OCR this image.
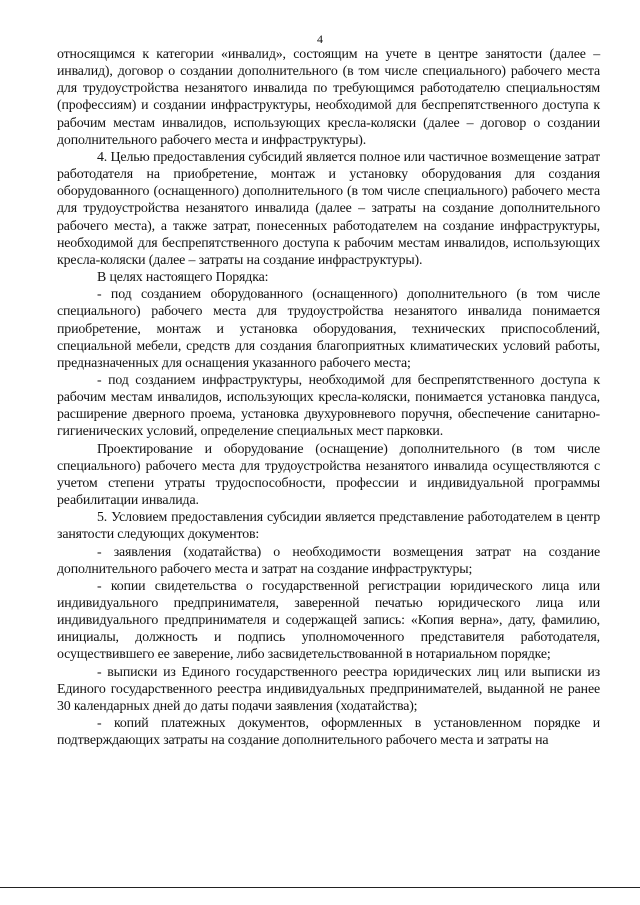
4

относящимся к категории «инвалид», состоящим на учете в центре занятости (далее – инвалид), договор о создании дополнительного (в том числе специального) рабочего места для трудоустройства незанятого инвалида по требующимся работодателю специальностям (профессиям) и создании инфраструктуры, необходимой для беспрепятственного доступа к рабочим местам инвалидов, использующих кресла-коляски (далее – договор о создании дополнительного рабочего места и инфраструктуры).

4. Целью предоставления субсидий является полное или частичное возмещение затрат работодателя на приобретение, монтаж и установку оборудования для создания оборудованного (оснащенного) дополнительного (в том числе специального) рабочего места для трудоустройства незанятого инвалида (далее – затраты на создание дополнительного рабочего места), а также затрат, понесенных работодателем на создание инфраструктуры, необходимой для беспрепятственного доступа к рабочим местам инвалидов, использующих кресла-коляски (далее – затраты на создание инфраструктуры).

В целях настоящего Порядка:

- под созданием оборудованного (оснащенного) дополнительного (в том числе специального) рабочего места для трудоустройства незанятого инвалида понимается приобретение, монтаж и установка оборудования, технических приспособлений, специальной мебели, средств для создания благоприятных климатических условий работы, предназначенных для оснащения указанного рабочего места;

- под созданием инфраструктуры, необходимой для беспрепятственного доступа к рабочим местам инвалидов, использующих кресла-коляски, понимается установка пандуса, расширение дверного проема, установка двухуровневого поручня, обеспечение санитарно-гигиенических условий, определение специальных мест парковки.

Проектирование и оборудование (оснащение) дополнительного (в том числе специального) рабочего места для трудоустройства незанятого инвалида осуществляются с учетом степени утраты трудоспособности, профессии и индивидуальной программы реабилитации инвалида.

5. Условием предоставления субсидии является представление работодателем в центр занятости следующих документов:

- заявления (ходатайства) о необходимости возмещения затрат на создание дополнительного рабочего места и затрат на создание инфраструктуры;

- копии свидетельства о государственной регистрации юридического лица или индивидуального предпринимателя, заверенной печатью юридического лица или индивидуального предпринимателя и содержащей запись: «Копия верна», дату, фамилию, инициалы, должность и подпись уполномоченного представителя работодателя, осуществившего ее заверение, либо засвидетельствованной в нотариальном порядке;

- выписки из Единого государственного реестра юридических лиц или выписки из Единого государственного реестра индивидуальных предпринимателей, выданной не ранее 30 календарных дней до даты подачи заявления (ходатайства);

- копий платежных документов, оформленных в установленном порядке и подтверждающих затраты на создание дополнительного рабочего места и затраты на
